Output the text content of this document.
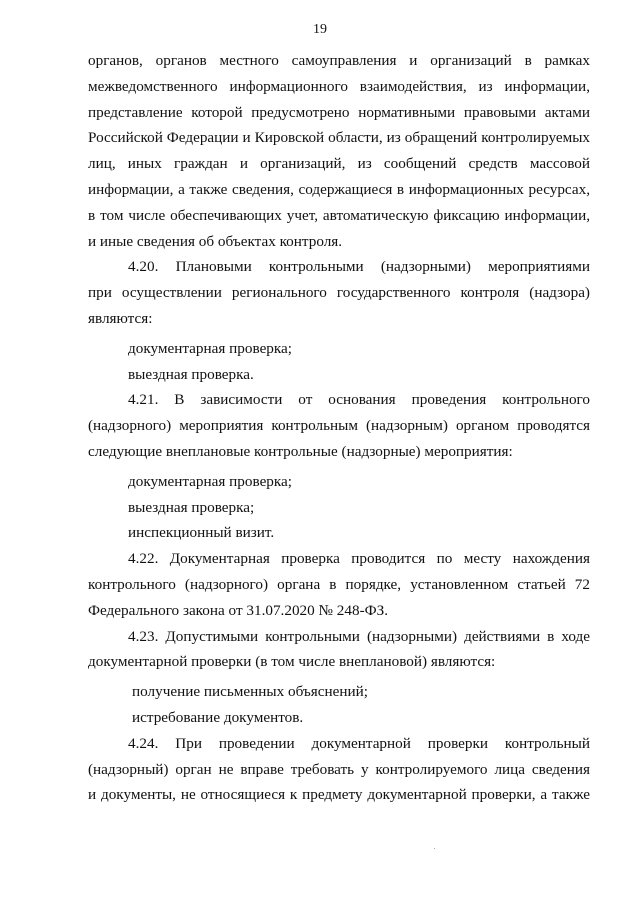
19
органов, органов местного самоуправления и организаций в рамках
межведомственного информационного взаимодействия, из информации,
представление которой предусмотрено нормативными правовыми актами
Российской Федерации и Кировской области, из обращений контролируемых
лиц, иных граждан и организаций, из сообщений средств массовой
информации, а также сведения, содержащиеся в информационных ресурсах,
в том числе обеспечивающих учет, автоматическую фиксацию информации,
и иные сведения об объектах контроля.
4.20. Плановыми контрольными (надзорными) мероприятиями
при осуществлении регионального государственного контроля (надзора)
являются:
документарная проверка;
выездная проверка.
4.21. В зависимости от основания проведения контрольного
(надзорного) мероприятия контрольным (надзорным) органом проводятся
следующие внеплановые контрольные (надзорные) мероприятия:
документарная проверка;
выездная проверка;
инспекционный визит.
4.22. Документарная проверка проводится по месту нахождения
контрольного (надзорного) органа в порядке, установленном статьей 72
Федерального закона от 31.07.2020 № 248-ФЗ.
4.23. Допустимыми контрольными (надзорными) действиями в ходе
документарной проверки (в том числе внеплановой) являются:
получение письменных объяснений;
истребование документов.
4.24. При проведении документарной проверки контрольный
(надзорный) орган не вправе требовать у контролируемого лица сведения
и документы, не относящиеся к предмету документарной проверки, а также
